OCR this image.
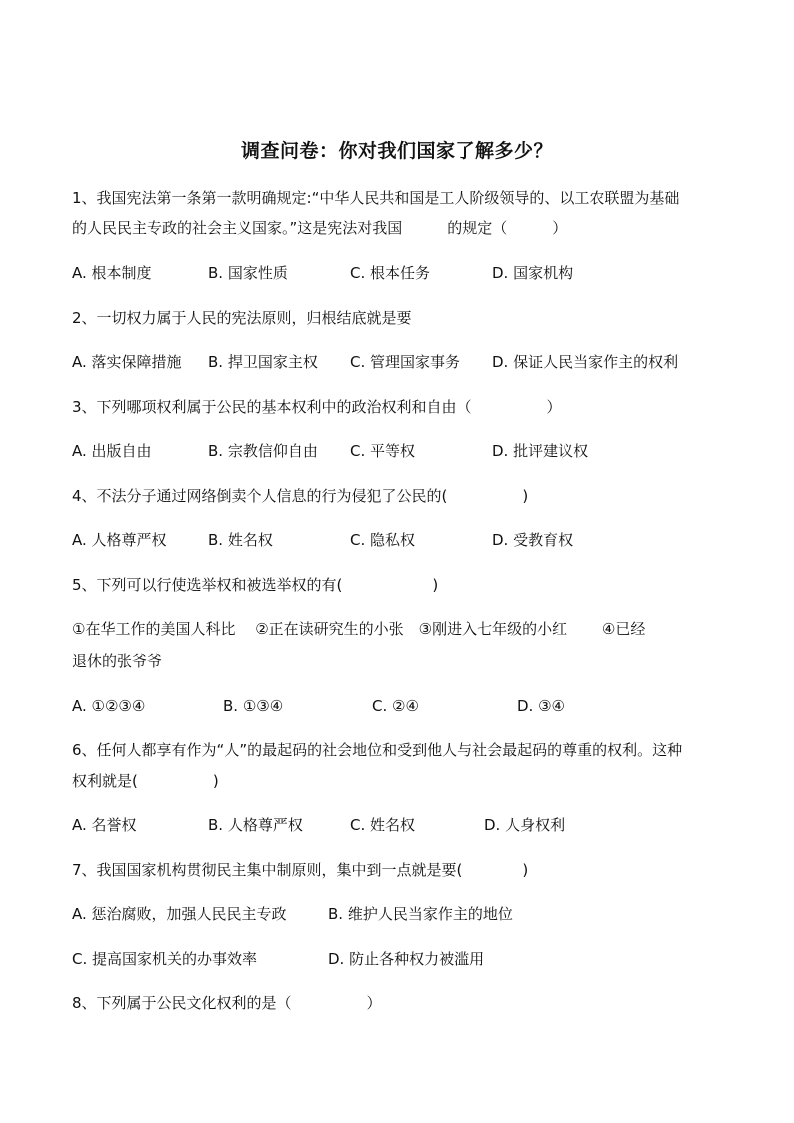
调查问卷：你对我们国家了解多少？
1、我国宪法第一条第一款明确规定:“中华人民共和国是工人阶级领导的、以工农联盟为基础
的人民民主专政的社会主义国家。”这是宪法对我国　　　的规定（　　　）
A. 根本制度	B. 国家性质	C. 根本任务	D. 国家机构
2、一切权力属于人民的宪法原则，归根结底就是要
A. 落实保障措施 B. 捍卫国家主权 C. 管理国家事务 D. 保证人民当家作主的权利
3、下列哪项权利属于公民的基本权利中的政治权利和自由（　　　　　）
A. 出版自由	B. 宗教信仰自由 C. 平等权	D. 批评建议权
4、不法分子通过网络倒卖个人信息的行为侵犯了公民的(　　　　　)
A. 人格尊严权	B. 姓名权	C. 隐私权	D. 受教育权
5、下列可以行使选举权和被选举权的有(　　　　　　)
①在华工作的美国人科比　 ②正在读研究生的小张　③刚进入七年级的小红　　 ④已经
退休的张爷爷
A. ①②③④	B. ①③④	C. ②④	D. ③④
6、任何人都享有作为“人”的最起码的社会地位和受到他人与社会最起码的尊重的权利。这种
权利就是(　　　　　)
A. 名誉权	B. 人格尊严权	C. 姓名权	D. 人身权利
7、我国国家机构贯彻民主集中制原则，集中到一点就是要(　　　　)
A. 惩治腐败，加强人民民主专政	B. 维护人民当家作主的地位
C. 提高国家机关的办事效率	D. 防止各种权力被滥用
8、下列属于公民文化权利的是（　　　　　）
